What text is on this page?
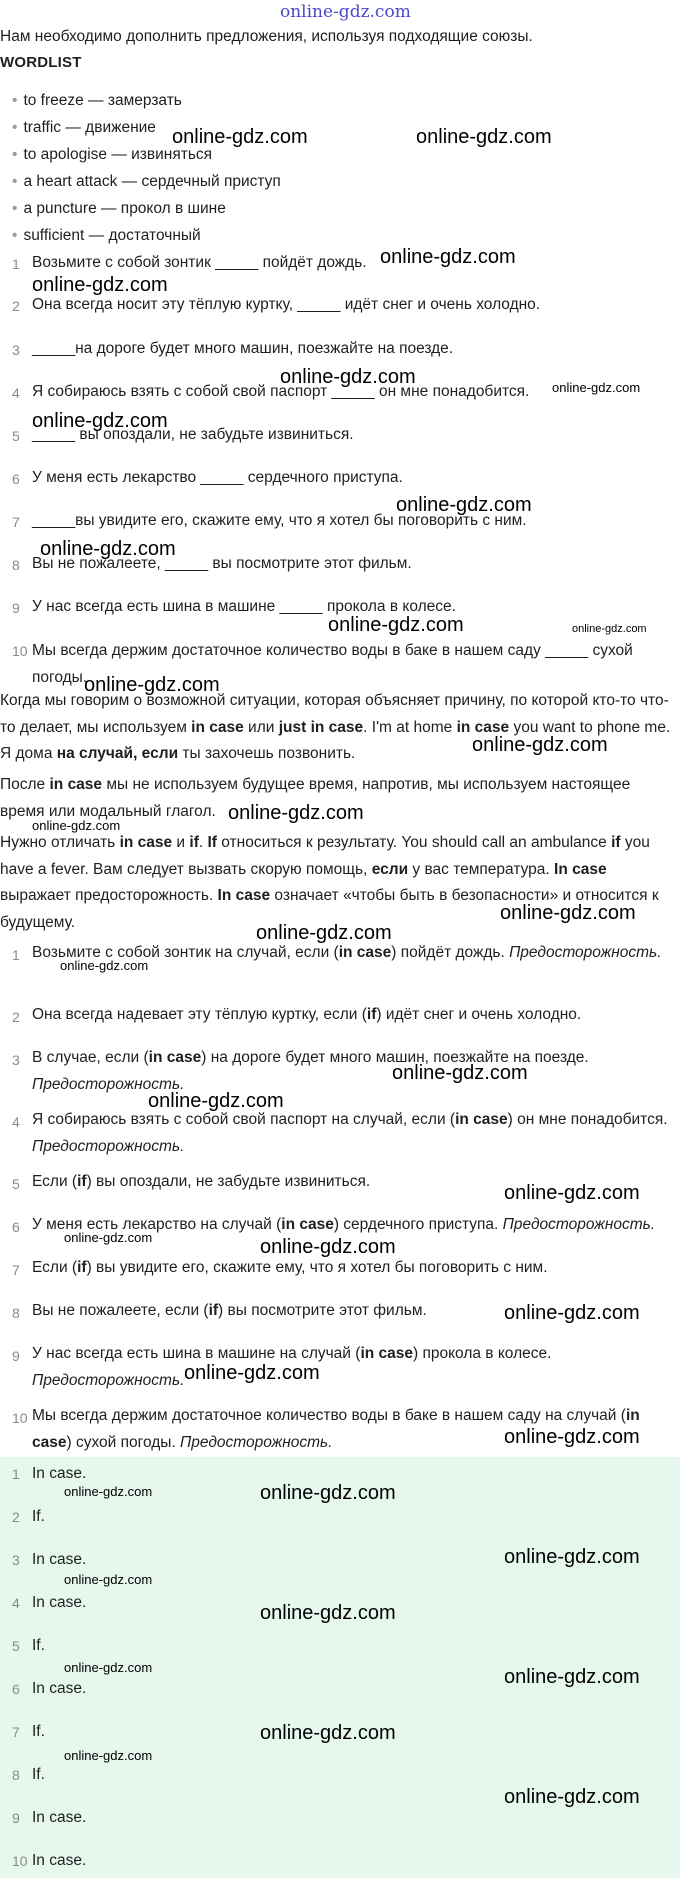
online-gdz.com
Нам необходимо дополнить предложения, используя подходящие союзы.
WORDLIST
• to freeze — замерзать
• traffic — движение
• to apologise — извиняться
• a heart attack — сердечный приступ
• a puncture — прокол в шине
• sufficient — достаточный
1 Возьмите с собой зонтик _____ пойдёт дождь.
2 Она всегда носит эту тёплую куртку, _____ идёт снег и очень холодно.
3 _____на дороге будет много машин, поезжайте на поезде.
4 Я собираюсь взять с собой свой паспорт _____ он мне понадобится.
5 _____ вы опоздали, не забудьте извиниться.
6 У меня есть лекарство _____ сердечного приступа.
7 _____вы увидите его, скажите ему, что я хотел бы поговорить с ним.
8 Вы не пожалеете, _____ вы посмотрите этот фильм.
9 У нас всегда есть шина в машине _____ прокола в колесе.
10 Мы всегда держим достаточное количество воды в баке в нашем саду _____ сухой погоды.
Когда мы говорим о возможной ситуации, которая объясняет причину, по которой кто-то что-то делает, мы используем in case или just in case. I'm at home in case you want to phone me. Я дома на случай, если ты захочешь позвонить.
После in case мы не используем будущее время, напротив, мы используем настоящее время или модальный глагол.
Нужно отличать in case и if. If относиться к результату. You should call an ambulance if you have a fever. Вам следует вызвать скорую помощь, если у вас температура. In case выражает предосторожность. In case означает «чтобы быть в безопасности» и относится к будущему.
1 Возьмите с собой зонтик на случай, если (in case) пойдёт дождь. Предосторожность.
2 Она всегда надевает эту тёплую куртку, если (if) идёт снег и очень холодно.
3 В случае, если (in case) на дороге будет много машин, поезжайте на поезде. Предосторожность.
4 Я собираюсь взять с собой свой паспорт на случай, если (in case) он мне понадобится. Предосторожность.
5 Если (if) вы опоздали, не забудьте извиниться.
6 У меня есть лекарство на случай (in case) сердечного приступа. Предосторожность.
7 Если (if) вы увидите его, скажите ему, что я хотел бы поговорить с ним.
8 Вы не пожалеете, если (if) вы посмотрите этот фильм.
9 У нас всегда есть шина в машине на случай (in case) прокола в колесе. Предосторожность.
10 Мы всегда держим достаточное количество воды в баке в нашем саду на случай (in case) сухой погоды. Предосторожность.
1 In case.
2 If.
3 In case.
4 In case.
5 If.
6 In case.
7 If.
8 If.
9 In case.
10 In case.
online-gdz.com	online-gdz.com
online-gdz.com
online-gdz.com
online-gdz.com	online-gdz.com
online-gdz.com
online-gdz.com
online-gdz.com
online-gdz.com	online-gdz.com
online-gdz.com
online-gdz.com
online-gdz.com
online-gdz.com
online-gdz.com
online-gdz.com
online-gdz.com
online-gdz.com
online-gdz.com
online-gdz.com
online-gdz.com	online-gdz.com
online-gdz.com
online-gdz.com
online-gdz.com
online-gdz.com	online-gdz.com
online-gdz.com
online-gdz.com
online-gdz.com
online-gdz.com	online-gdz.com
online-gdz.com
online-gdz.com
online-gdz.com
